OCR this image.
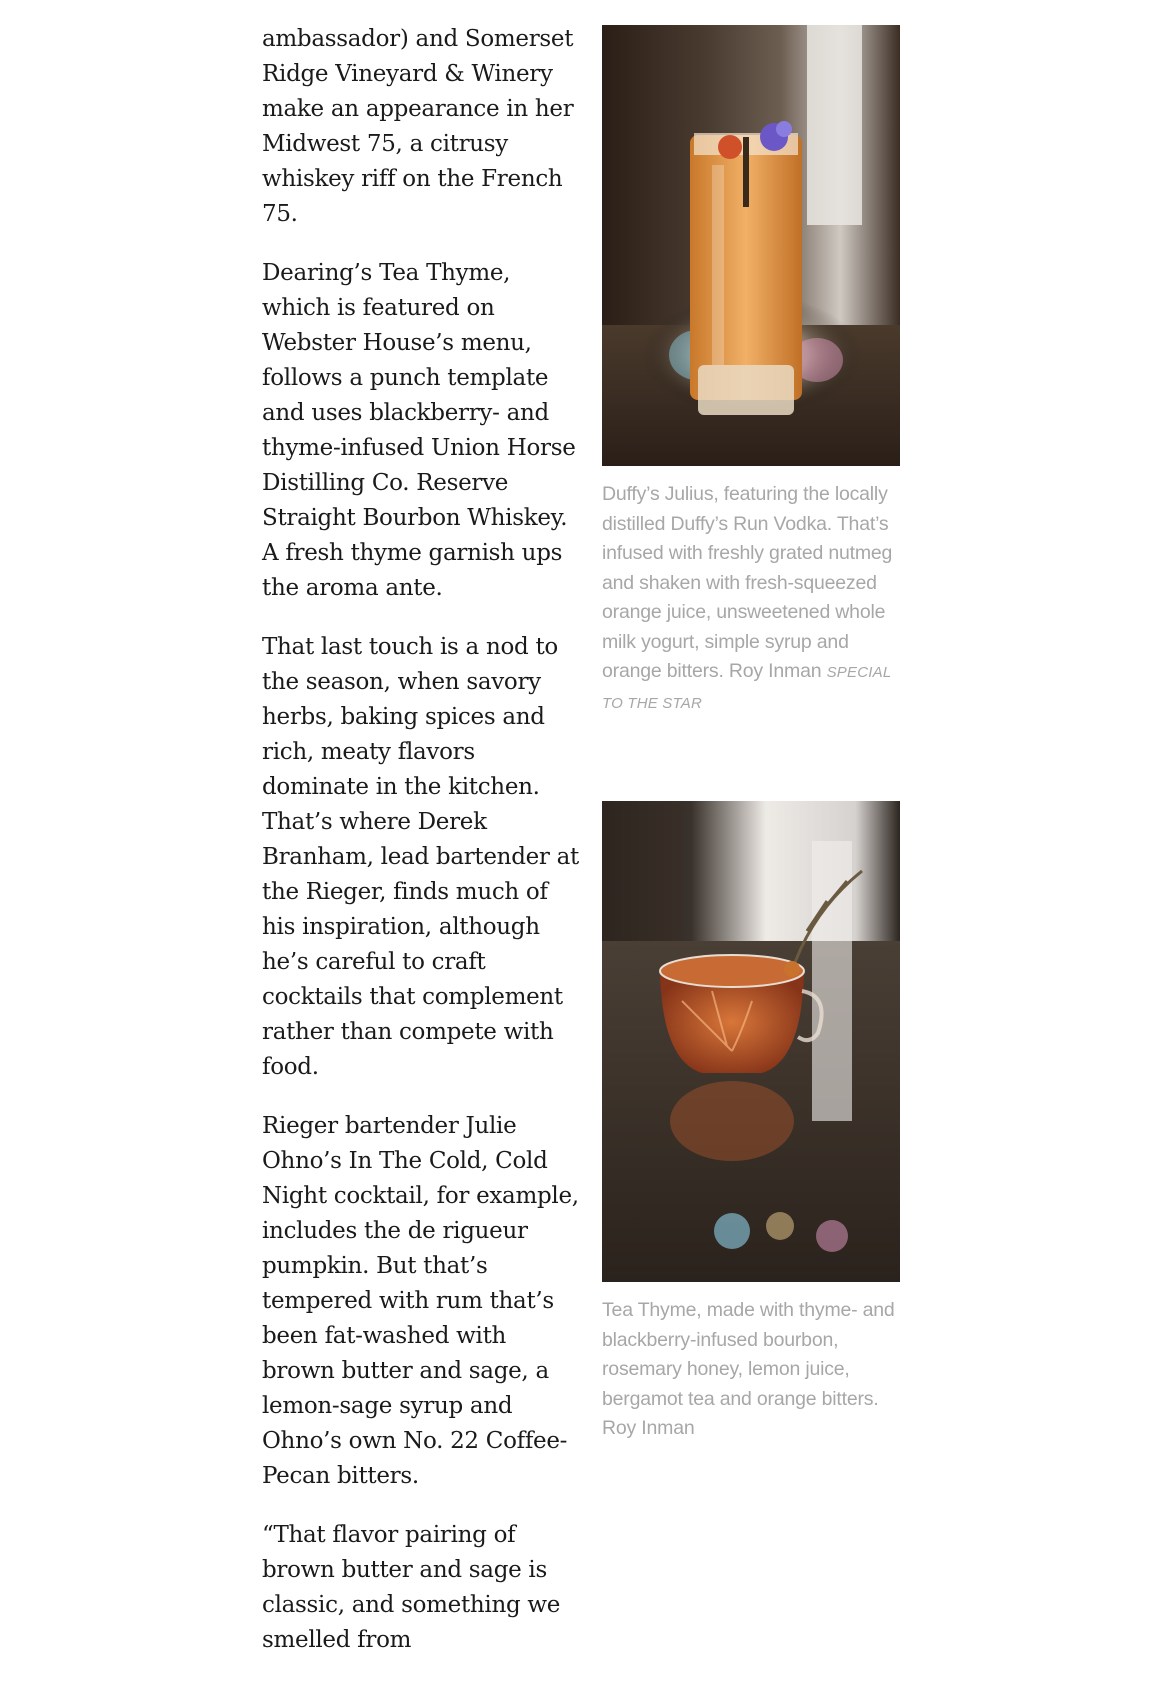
ambassador) and Somerset Ridge Vineyard & Winery make an appearance in her Midwest 75, a citrusy whiskey riff on the French 75.

Dearing’s Tea Thyme, which is featured on Webster House’s menu, follows a punch template and uses blackberry- and thyme-infused Union Horse Distilling Co. Reserve Straight Bourbon Whiskey. A fresh thyme garnish ups the aroma ante.

That last touch is a nod to the season, when savory herbs, baking spices and rich, meaty flavors dominate in the kitchen. That’s where Derek Branham, lead bartender at the Rieger, finds much of his inspiration, although he’s careful to craft cocktails that complement rather than compete with food.

Rieger bartender Julie Ohno’s In The Cold, Cold Night cocktail, for example, includes the de rigueur pumpkin. But that’s tempered with rum that’s been fat-washed with brown butter and sage, a lemon-sage syrup and Ohno’s own No. 22 Coffee-Pecan bitters.

“That flavor pairing of brown butter and sage is classic, and something we smelled from

Duffy’s Julius, featuring the locally distilled Duffy’s Run Vodka. That’s infused with freshly grated nutmeg and shaken with fresh-squeezed orange juice, unsweetened whole milk yogurt, simple syrup and orange bitters. Roy Inman SPECIAL TO THE STAR
Tea Thyme, made with thyme- and blackberry-infused bourbon, rosemary honey, lemon juice, bergamot tea and orange bitters. Roy Inman
